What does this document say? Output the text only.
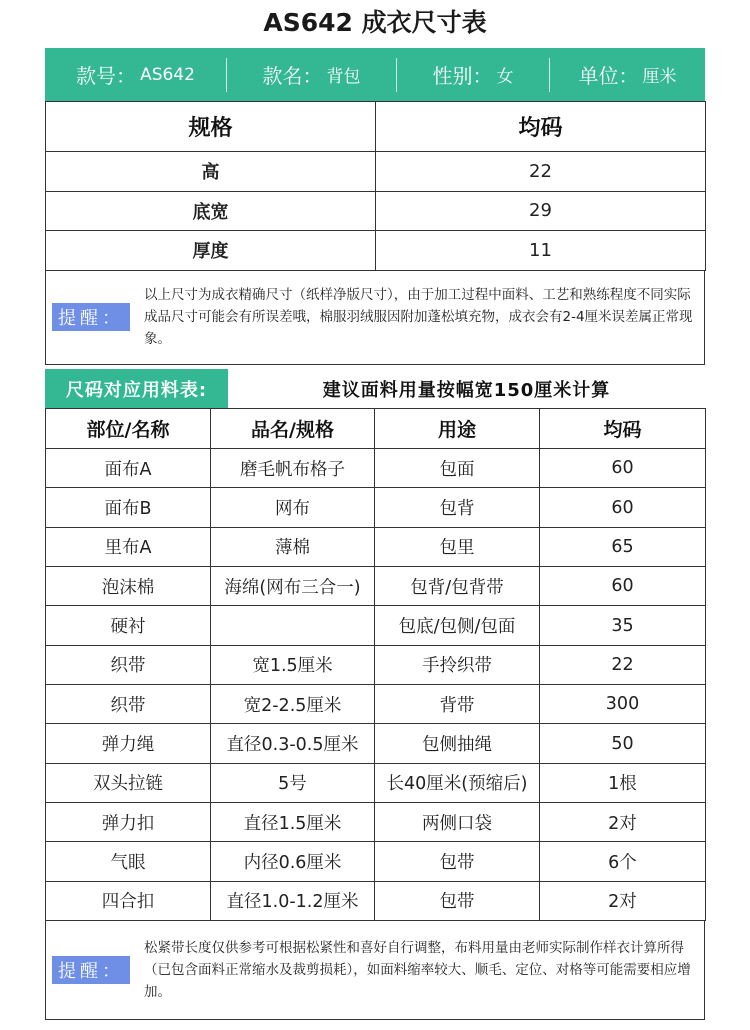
AS642 成衣尺寸表
款号： AS642	款名： 背包	性别： 女	单位： 厘米
规格	均码
高	22
底宽	29
厚度	11
提醒：
以上尺寸为成衣精确尺寸（纸样净版尺寸），由于加工过程中面料、工艺和熟练程度不同实际成品尺寸可能会有所误差哦，棉服羽绒服因附加蓬松填充物，成衣会有2-4厘米误差属正常现象。
尺码对应用料表:	建议面料用量按幅宽150厘米计算
部位/名称	品名/规格	用途	均码
面布A	磨毛帆布格子	包面	60
面布B	网布	包背	60
里布A	薄棉	包里	65
泡沫棉	海绵(网布三合一)	包背/包背带	60
硬衬		包底/包侧/包面	35
织带	宽1.5厘米	手拎织带	22
织带	宽2-2.5厘米	背带	300
弹力绳	直径0.3-0.5厘米	包侧抽绳	50
双头拉链	5号	长40厘米(预缩后)	1根
弹力扣	直径1.5厘米	两侧口袋	2对
气眼	内径0.6厘米	包带	6个
四合扣	直径1.0-1.2厘米	包带	2对
提醒：
松紧带长度仅供参考可根据松紧性和喜好自行调整，布料用量由老师实际制作样衣计算所得（已包含面料正常缩水及裁剪损耗），如面料缩率较大、顺毛、定位、对格等可能需要相应增加。
